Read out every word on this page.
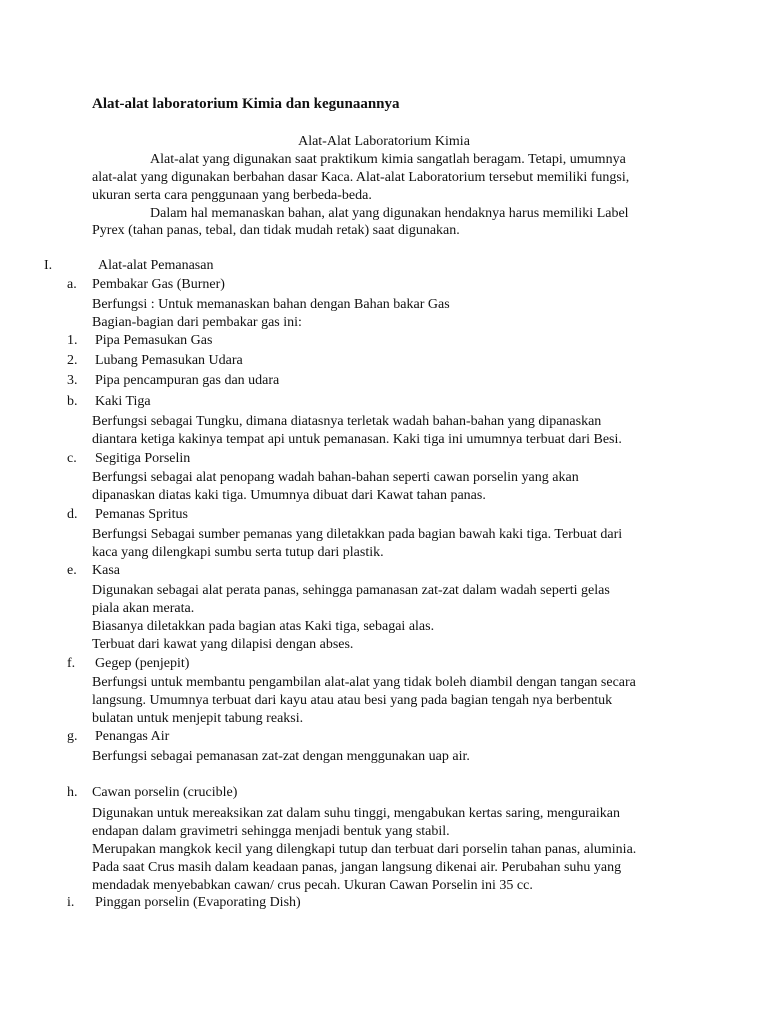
Alat-alat laboratorium Kimia dan kegunaannya
Alat-Alat Laboratorium Kimia
Alat-alat yang digunakan saat praktikum kimia sangatlah beragam. Tetapi, umumnya
alat-alat yang digunakan berbahan dasar Kaca. Alat-alat Laboratorium tersebut memiliki fungsi,
ukuran serta cara penggunaan yang berbeda-beda.
Dalam hal memanaskan bahan, alat yang digunakan hendaknya harus memiliki Label
Pyrex (tahan panas, tebal, dan tidak mudah retak) saat digunakan.
I.	Alat-alat Pemanasan
a. Pembakar Gas (Burner)
Berfungsi : Untuk memanaskan bahan dengan Bahan bakar Gas
Bagian-bagian dari pembakar gas ini:
1. Pipa Pemasukan Gas
2. Lubang Pemasukan Udara
3. Pipa pencampuran gas dan udara
b. Kaki Tiga
Berfungsi sebagai Tungku, dimana diatasnya terletak wadah bahan-bahan yang dipanaskan
diantara ketiga kakinya tempat api untuk pemanasan. Kaki tiga ini umumnya terbuat dari Besi.
c. Segitiga Porselin
Berfungsi sebagai alat penopang wadah bahan-bahan seperti cawan porselin yang akan
dipanaskan diatas kaki tiga. Umumnya dibuat dari Kawat tahan panas.
d. Pemanas Spritus
Berfungsi Sebagai sumber pemanas yang diletakkan pada bagian bawah kaki tiga. Terbuat dari
kaca yang dilengkapi sumbu serta tutup dari plastik.
e. Kasa
Digunakan sebagai alat perata panas, sehingga pamanasan zat-zat dalam wadah seperti gelas
piala akan merata.
Biasanya diletakkan pada bagian atas Kaki tiga, sebagai alas.
Terbuat dari kawat yang dilapisi dengan abses.
f. Gegep (penjepit)
Berfungsi untuk membantu pengambilan alat-alat yang tidak boleh diambil dengan tangan secara
langsung. Umumnya terbuat dari kayu atau atau besi yang pada bagian tengah nya berbentuk
bulatan untuk menjepit tabung reaksi.
g. Penangas Air
Berfungsi sebagai pemanasan zat-zat dengan menggunakan uap air.
h. Cawan porselin (crucible)
Digunakan untuk mereaksikan zat dalam suhu tinggi, mengabukan kertas saring, menguraikan
endapan dalam gravimetri sehingga menjadi bentuk yang stabil.
Merupakan mangkok kecil yang dilengkapi tutup dan terbuat dari porselin tahan panas, aluminia.
Pada saat Crus masih dalam keadaan panas, jangan langsung dikenai air. Perubahan suhu yang
mendadak menyebabkan cawan/ crus pecah. Ukuran Cawan Porselin ini 35 cc.
i. Pinggan porselin (Evaporating Dish)
